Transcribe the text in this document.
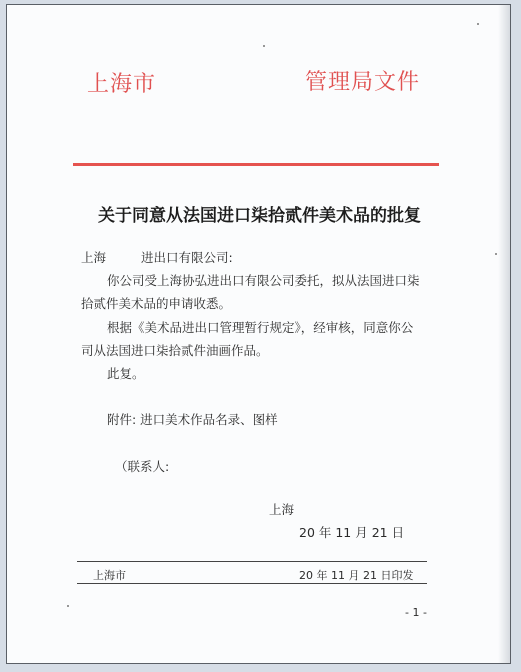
上海市	管理局文件
关于同意从法国进口柒拾贰件美术品的批复
上海	进出口有限公司:
你公司受上海协弘进出口有限公司委托，拟从法国进口柒
拾贰件美术品的申请收悉。
根据《美术品进出口管理暂行规定》，经审核，同意你公
司从法国进口柒拾贰件油画作品。
此复。
附件: 进口美术作品名录、图样
（联系人:
上海
20 年 11 月 21 日
上海市	20 年 11 月 21 日印发
- 1 -
